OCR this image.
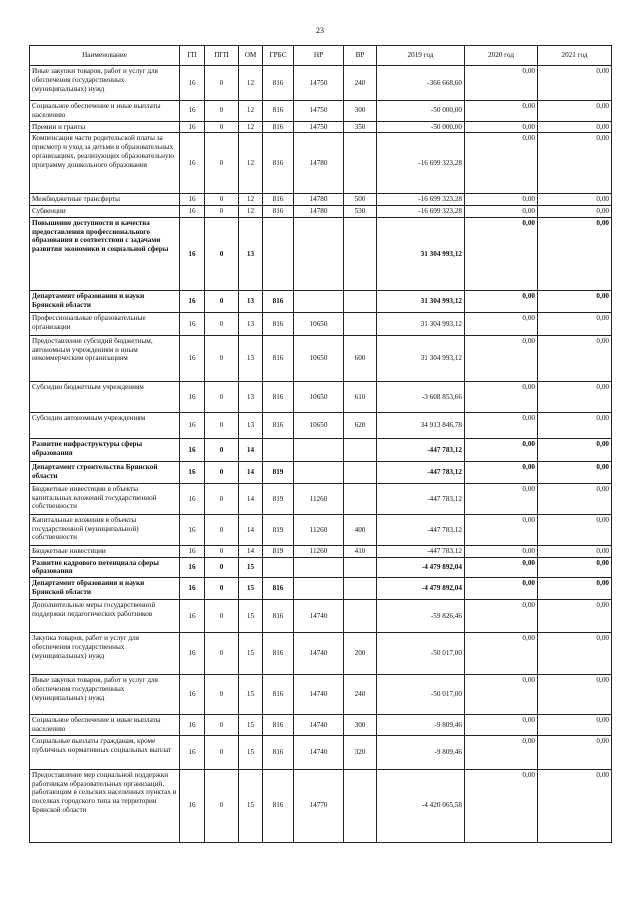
23
Наименование	ГП	ПГП	ОМ	ГРБС	НР	ВР	2019 год	2020 год	2021 год
Иные закупки товаров, работ и услуг для обеспечения государственных (муниципальных) нужд	16	0	12	816	14750	240	-366 668,60	0,00	0,00
Социальное обеспечение и иные выплаты населению	16	0	12	816	14750	300	-50 000,00	0,00	0,00
Премии и гранты	16	0	12	816	14750	350	-50 000,00	0,00	0,00
Компенсация части родительской платы за присмотр и уход за детьми в образовательных организациях, реализующих образовательную программу дошкольного образования	16	0	12	816	14780		-16 699 323,28	0,00	0,00
Межбюджетные трансферты	16	0	12	816	14780	500	-16 699 323,28	0,00	0,00
Субвенции	16	0	12	816	14780	530	-16 699 323,28	0,00	0,00
Повышение доступности и качества предоставления профессионального образования в соответствии с задачами развития экономики и социальной сферы	16	0	13				31 304 993,12	0,00	0,00
Департамент образования и науки Брянской области	16	0	13	816			31 304 993,12	0,00	0,00
Профессиональные образовательные организации	16	0	13	816	10650		31 304 993,12	0,00	0,00
Предоставление субсидий бюджетным, автономным учреждениям и иным некоммерческим организациям	16	0	13	816	10650	600	31 304 993,12	0,00	0,00
Субсидии бюджетным учреждениям	16	0	13	816	10650	610	-3 608 853,66	0,00	0,00
Субсидии автономным учреждениям	16	0	13	816	10650	620	34 913 846,78	0,00	0,00
Развитие инфраструктуры сферы образования	16	0	14				-447 783,12	0,00	0,00
Департамент строительства Брянской области	16	0	14	819			-447 783,12	0,00	0,00
Бюджетные инвестиции в объекты капитальных вложений государственной собственности	16	0	14	819	11260		-447 783,12	0,00	0,00
Капитальные вложения в объекты государственной (муниципальной) собственности	16	0	14	819	11260	400	-447 783,12	0,00	0,00
Бюджетные инвестиции	16	0	14	819	11260	410	-447 783,12	0,00	0,00
Развитие кадрового потенциала сферы образования	16	0	15				-4 479 892,04	0,00	0,00
Департамент образования и науки Брянской области	16	0	15	816			-4 479 892,04	0,00	0,00
Дополнительные меры государственной поддержки педагогических работников	16	0	15	816	14740		-59 826,46	0,00	0,00
Закупка товаров, работ и услуг для обеспечения государственных (муниципальных) нужд	16	0	15	816	14740	200	-50 017,00	0,00	0,00
Иные закупки товаров, работ и услуг для обеспечения государственных (муниципальных) нужд	16	0	15	816	14740	240	-50 017,00	0,00	0,00
Социальное обеспечение и иные выплаты населению	16	0	15	816	14740	300	-9 809,46	0,00	0,00
Социальные выплаты гражданам, кроме публичных нормативных социальных выплат	16	0	15	816	14740	320	-9 809,46	0,00	0,00
Предоставление мер социальной поддержки работникам образовательных организаций, работающим в сельских населенных пунктах и поселках городского типа на территории Брянской области	16	0	15	816	14770		-4 420 065,58	0,00	0,00
